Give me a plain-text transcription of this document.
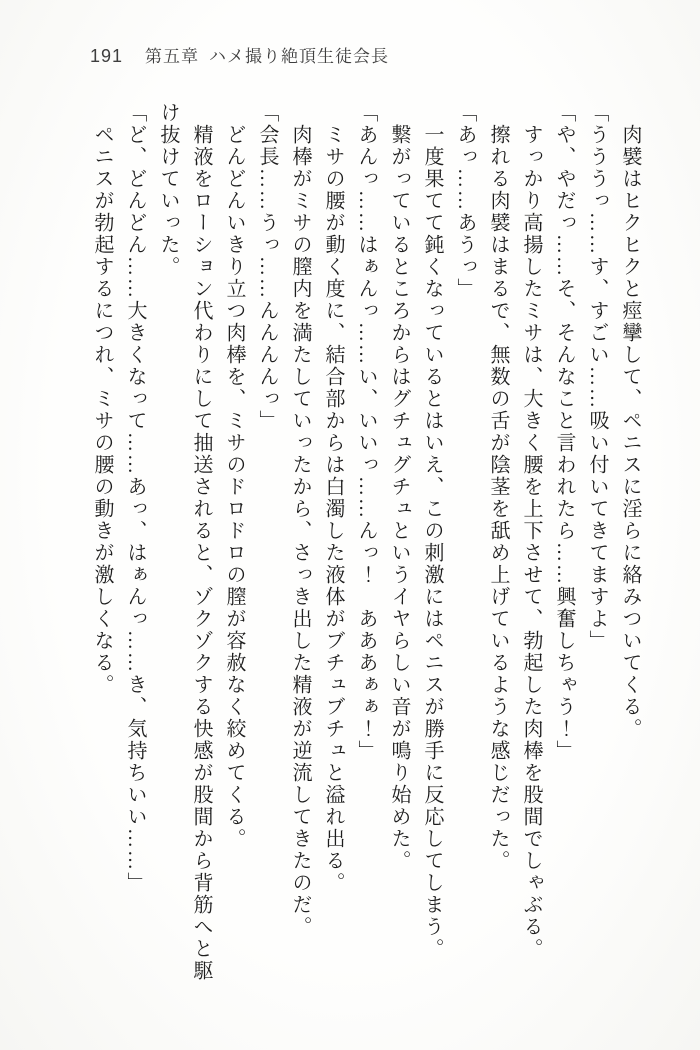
191 第五章 ハメ撮り絶頂生徒会長

肉襞はヒクヒクと痙攣して、ペニスに淫らに絡みついてくる。

「うううっ……す、すごい……吸い付いてきてますよ」

「や、やだっ……そ、そんなこと言われたら……興奮しちゃう！」

すっかり高揚したミサは、大きく腰を上下させて、勃起した肉棒を股間でしゃぶる。

擦れる肉襞はまるで、無数の舌が陰茎を舐め上げているような感じだった。

「あっ……あうっ」

一度果てて鈍くなっているとはいえ、この刺激にはペニスが勝手に反応してしまう。

繋がっているところからはグチュグチュというイヤらしい音が鳴り始めた。

「あんっ……はぁんっ……い、いいっ……んっ！　あああぁぁ！」

ミサの腰が動く度に、結合部からは白濁した液体がブチュブチュと溢れ出る。

肉棒がミサの膣内を満たしていったから、さっき出した精液が逆流してきたのだ。

「会長……うっ……んんんんっ」

どんどんいきり立つ肉棒を、ミサのドロドロの膣が容赦なく絞めてくる。

精液をローション代わりにして抽送されると、ゾクゾクする快感が股間から背筋へと駆け抜けていった。

「ど、どんどん……大きくなって……あっ、はぁんっ……き、気持ちいい……」

ペニスが勃起するにつれ、ミサの腰の動きが激しくなる。
